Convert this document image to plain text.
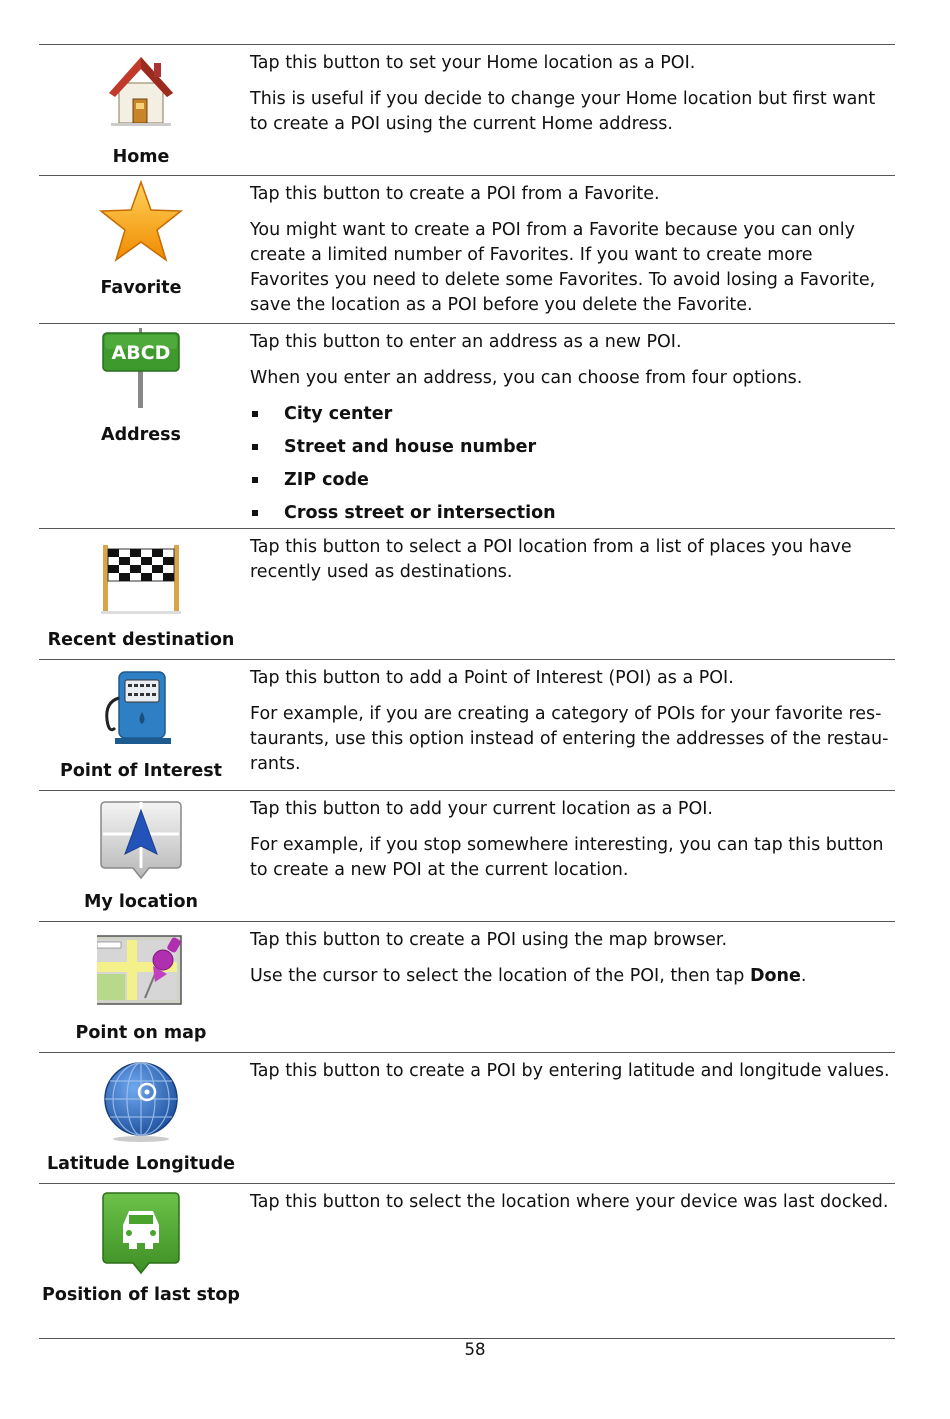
Home

Tap this button to set your Home location as a POI.

This is useful if you decide to change your Home location but first want to create a POI using the current Home address.

Favorite

Tap this button to create a POI from a Favorite.

You might want to create a POI from a Favorite because you can only create a limited number of Favorites. If you want to create more Favorites you need to delete some Favorites. To avoid losing a Favorite, save the location as a POI before you delete the Favorite.

ABCD
Address

Tap this button to enter an address as a new POI.

When you enter an address, you can choose from four options.

City center
Street and house number
ZIP code
Cross street or intersection
Recent destination

Tap this button to select a POI location from a list of places you have recently used as destinations.

Point of Interest

Tap this button to add a Point of Interest (POI) as a POI.

For example, if you are creating a category of POIs for your favorite res-taurants, use this option instead of entering the addresses of the restau-rants.

My location

Tap this button to add your current location as a POI.

For example, if you stop somewhere interesting, you can tap this button to create a new POI at the current location.

Point on map

Tap this button to create a POI using the map browser.

Use the cursor to select the location of the POI, then tap Done.

Latitude Longitude

Tap this button to create a POI by entering latitude and longitude values.

Position of last stop

Tap this button to select the location where your device was last docked.

58
